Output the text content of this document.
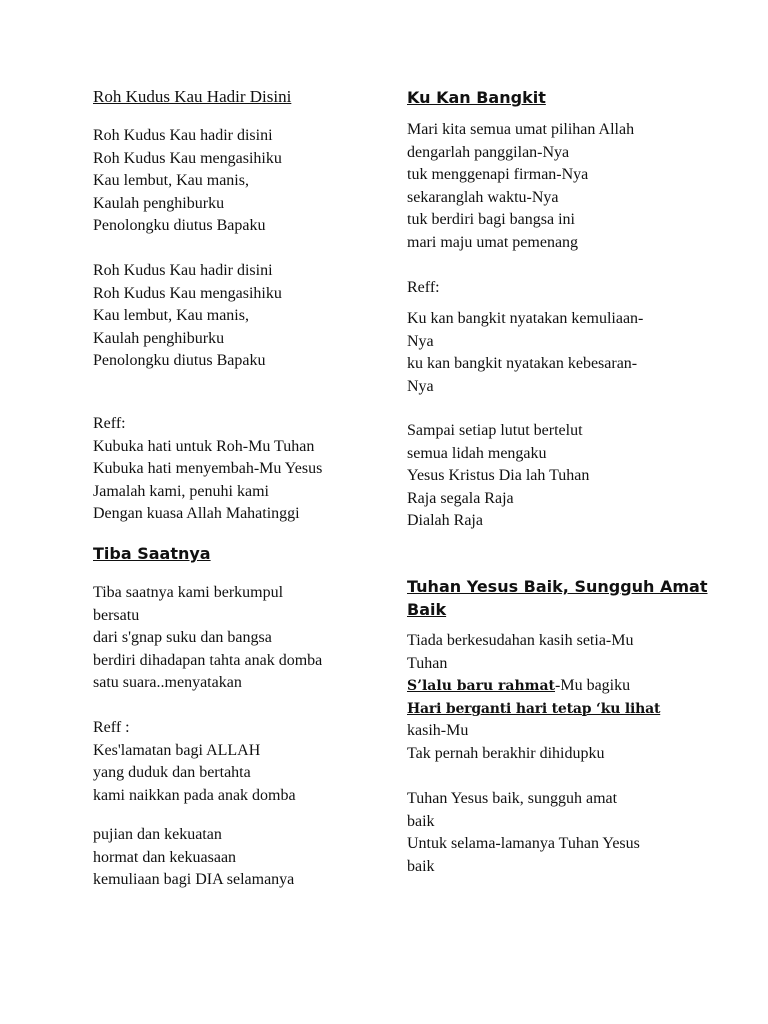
Roh Kudus Kau Hadir Disini
Roh Kudus Kau hadir disini
Roh Kudus Kau mengasihiku
Kau lembut, Kau manis,
Kaulah penghiburku
Penolongku diutus Bapaku
Roh Kudus Kau hadir disini
Roh Kudus Kau mengasihiku
Kau lembut, Kau manis,
Kaulah penghiburku
Penolongku diutus Bapaku
Reff:
Kubuka hati untuk Roh-Mu Tuhan
Kubuka hati menyembah-Mu Yesus
Jamalah kami, penuhi kami
Dengan kuasa Allah Mahatinggi
Tiba Saatnya
Tiba saatnya kami berkumpul
bersatu
dari s'gnap suku dan bangsa
berdiri dihadapan tahta anak domba
satu suara..menyatakan
Reff :
Kes'lamatan bagi ALLAH
yang duduk dan bertahta
kami naikkan pada anak domba
pujian dan kekuatan
hormat dan kekuasaan
kemuliaan bagi DIA selamanya
Ku Kan Bangkit
Mari kita semua umat pilihan Allah
dengarlah panggilan-Nya
tuk menggenapi firman-Nya
sekaranglah waktu-Nya
tuk berdiri bagi bangsa ini
mari maju umat pemenang
Reff:
Ku kan bangkit nyatakan kemuliaan-
Nya
ku kan bangkit nyatakan kebesaran-
Nya
Sampai setiap lutut bertelut
semua lidah mengaku
Yesus Kristus Dia lah Tuhan
Raja segala Raja
Dialah Raja
Tuhan Yesus Baik, Sungguh Amat
Baik
Tiada berkesudahan kasih setia-Mu
Tuhan
S’lalu baru rahmat-Mu bagiku
Hari berganti hari tetap ‘ku lihat
kasih-Mu
Tak pernah berakhir dihidupku
Tuhan Yesus baik, sungguh amat
baik
Untuk selama-lamanya Tuhan Yesus
baik
